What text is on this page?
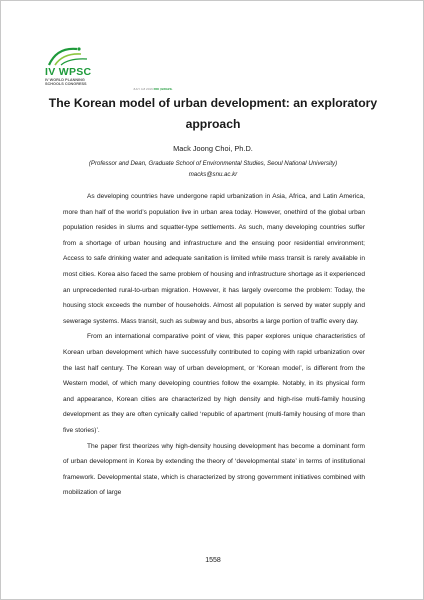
IV WPSC
IV WORLD PLANNING
SCHOOLS CONGRESS
JULY 4-8 2016 RIO | BRAZIL
The Korean model of urban development: an exploratory approach
Mack Joong Choi, Ph.D.
(Professor and Dean, Graduate School of Environmental Studies, Seoul National University)
macks@snu.ac.kr

As developing countries have undergone rapid urbanization in Asia, Africa, and Latin America, more than half of the world’s population live in urban area today. However, onethird of the global urban population resides in slums and squatter-type settlements. As such, many developing countries suffer from a shortage of urban housing and infrastructure and the ensuing poor residential environment; Access to safe drinking water and adequate sanitation is limited while mass transit is rarely available in most cities. Korea also faced the same problem of housing and infrastructure shortage as it experienced an unprecedented rural-to-urban migration. However, it has largely overcome the problem: Today, the housing stock exceeds the number of households. Almost all population is served by water supply and sewerage systems. Mass transit, such as subway and bus, absorbs a large portion of traffic every day.

From an international comparative point of view, this paper explores unique characteristics of Korean urban development which have successfully contributed to coping with rapid urbanization over the last half century. The Korean way of urban development, or ‘Korean model’, is different from the Western model, of which many developing countries follow the example. Notably, in its physical form and appearance, Korean cities are characterized by high density and high-rise multi-family housing development as they are often cynically called ‘republic of apartment (multi-family housing of more than five stories)’.

The paper first theorizes why high-density housing development has become a dominant form of urban development in Korea by extending the theory of ‘developmental state’ in terms of institutional framework. Developmental state, which is characterized by strong government initiatives combined with mobilization of large

1558
